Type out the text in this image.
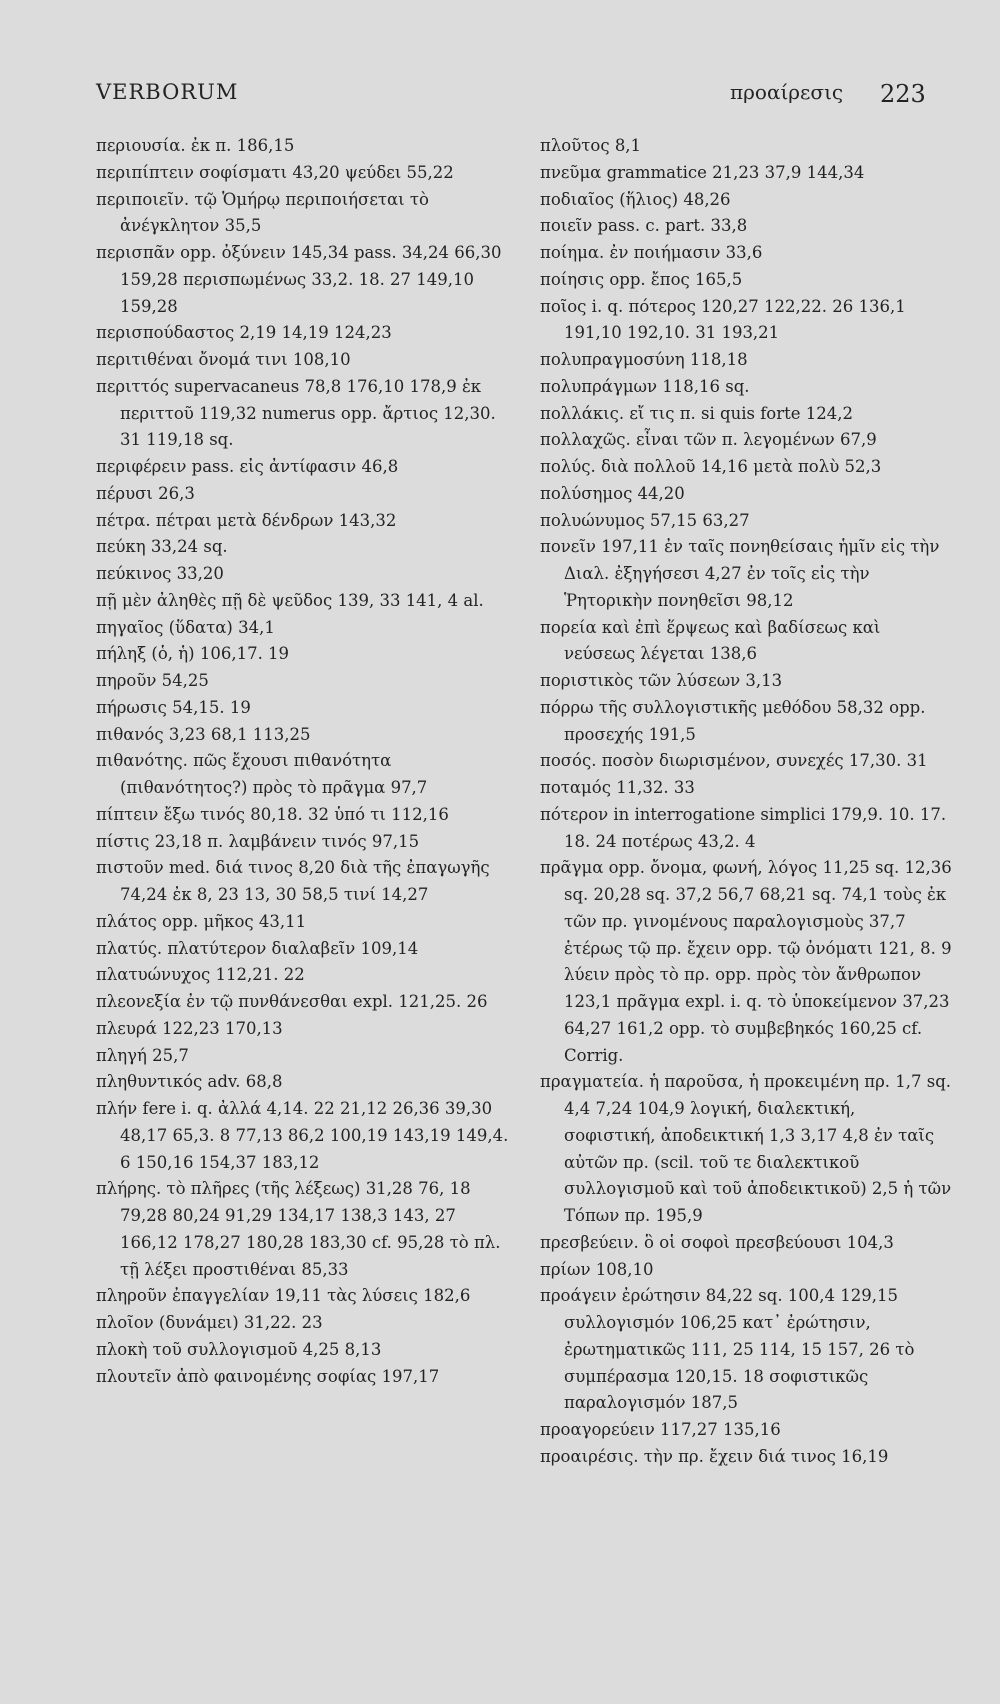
VERBORUM	προαίρεσις 223

περιουσία. ἐκ π. 186,15

περιπίπτειν σοφίσματι 43,20 ψεύδει 55,22

περιποιεῖν. τῷ Ὁμήρῳ περιποιήσεται τὸ ἀνέγκλητον 35,5

περισπᾶν opp. ὀξύνειν 145,34 pass. 34,24 66,30 159,28 περισπωμένως 33,2. 18. 27 149,10 159,28

περισπούδαστος 2,19 14,19 124,23

περιτιθέναι ὄνομά τινι 108,10

περιττός supervacaneus 78,8 176,10 178,9 ἐκ περιττοῦ 119,32 numerus opp. ἄρτιος 12,30. 31 119,18 sq.

περιφέρειν pass. εἰς ἀντίφασιν 46,8

πέρυσι 26,3

πέτρα. πέτραι μετὰ δένδρων 143,32

πεύκη 33,24 sq.

πεύκινος 33,20

πῇ μὲν ἀληθὲς πῇ δὲ ψεῦδος 139, 33 141, 4 al.

πηγαῖος (ὕδατα) 34,1

πήληξ (ὁ, ἡ) 106,17. 19

πηροῦν 54,25

πήρωσις 54,15. 19

πιθανός 3,23 68,1 113,25

πιθανότης. πῶς ἔχουσι πιθανότητα (πιθανότητος?) πρὸς τὸ πρᾶγμα 97,7

πίπτειν ἔξω τινός 80,18. 32 ὑπό τι 112,16

πίστις 23,18 π. λαμβάνειν τινός 97,15

πιστοῦν med. διά τινος 8,20 διὰ τῆς ἐπαγωγῆς 74,24 ἐκ 8, 23 13, 30 58,5 τινί 14,27

πλάτος opp. μῆκος 43,11

πλατύς. πλατύτερον διαλαβεῖν 109,14

πλατυώνυχος 112,21. 22

πλεονεξία ἐν τῷ πυνθάνεσθαι expl. 121,25. 26

πλευρά 122,23 170,13

πληγή 25,7

πληθυντικός adv. 68,8

πλήν fere i. q. ἀλλά 4,14. 22 21,12 26,36 39,30 48,17 65,3. 8 77,13 86,2 100,19 143,19 149,4. 6 150,16 154,37 183,12

πλήρης. τὸ πλῆρες (τῆς λέξεως) 31,28 76, 18 79,28 80,24 91,29 134,17 138,3 143, 27 166,12 178,27 180,28 183,30 cf. 95,28 τὸ πλ. τῇ λέξει προστιθέναι 85,33

πληροῦν ἐπαγγελίαν 19,11 τὰς λύσεις 182,6

πλοῖον (δυνάμει) 31,22. 23

πλοκὴ τοῦ συλλογισμοῦ 4,25 8,13

πλουτεῖν ἀπὸ φαινομένης σοφίας 197,17

πλοῦτος 8,1

πνεῦμα grammatice 21,23 37,9 144,34

ποδιαῖος (ἥλιος) 48,26

ποιεῖν pass. c. part. 33,8

ποίημα. ἐν ποιήμασιν 33,6

ποίησις opp. ἔπος 165,5

ποῖος i. q. πότερος 120,27 122,22. 26 136,1 191,10 192,10. 31 193,21

πολυπραγμοσύνη 118,18

πολυπράγμων 118,16 sq.

πολλάκις. εἴ τις π. si quis forte 124,2

πολλαχῶς. εἶναι τῶν π. λεγομένων 67,9

πολύς. διὰ πολλοῦ 14,16 μετὰ πολὺ 52,3

πολύσημος 44,20

πολυώνυμος 57,15 63,27

πονεῖν 197,11 ἐν ταῖς πονηθείσαις ἡμῖν εἰς τὴν Διαλ. ἐξηγήσεσι 4,27 ἐν τοῖς εἰς τὴν Ῥητορικὴν πονηθεῖσι 98,12

πορεία καὶ ἐπὶ ἕρψεως καὶ βαδίσεως καὶ νεύσεως λέγεται 138,6

ποριστικὸς τῶν λύσεων 3,13

πόρρω τῆς συλλογιστικῆς μεθόδου 58,32 opp. προσεχής 191,5

ποσός. ποσὸν διωρισμένον, συνεχές 17,30. 31

ποταμός 11,32. 33

πότερον in interrogatione simplici 179,9. 10. 17. 18. 24 ποτέρως 43,2. 4

πρᾶγμα opp. ὄνομα, φωνή, λόγος 11,25 sq. 12,36 sq. 20,28 sq. 37,2 56,7 68,21 sq. 74,1 τοὺς ἐκ τῶν πρ. γινομένους παραλογισμοὺς 37,7 ἑτέρως τῷ πρ. ἔχειν opp. τῷ ὀνόματι 121, 8. 9 λύειν πρὸς τὸ πρ. opp. πρὸς τὸν ἄνθρωπον 123,1 πρᾶγμα expl. i. q. τὸ ὑποκείμενον 37,23 64,27 161,2 opp. τὸ συμβεβηκός 160,25 cf. Corrig.

πραγματεία. ἡ παροῦσα, ἡ προκειμένη πρ. 1,7 sq. 4,4 7,24 104,9 λογική, διαλεκτική, σοφιστική, ἀποδεικτική 1,3 3,17 4,8 ἐν ταῖς αὐτῶν πρ. (scil. τοῦ τε διαλεκτικοῦ συλλογισμοῦ καὶ τοῦ ἀποδεικτικοῦ) 2,5 ἡ τῶν Τόπων πρ. 195,9

πρεσβεύειν. ὃ οἱ σοφοὶ πρεσβεύουσι 104,3

πρίων 108,10

προάγειν ἐρώτησιν 84,22 sq. 100,4 129,15 συλλογισμόν 106,25 κατ᾽ ἐρώτησιν, ἐρωτηματικῶς 111, 25 114, 15 157, 26 τὸ συμπέρασμα 120,15. 18 σοφιστικῶς παραλογισμόν 187,5

προαγορεύειν 117,27 135,16

προαιρέσις. τὴν πρ. ἔχειν διά τινος 16,19
